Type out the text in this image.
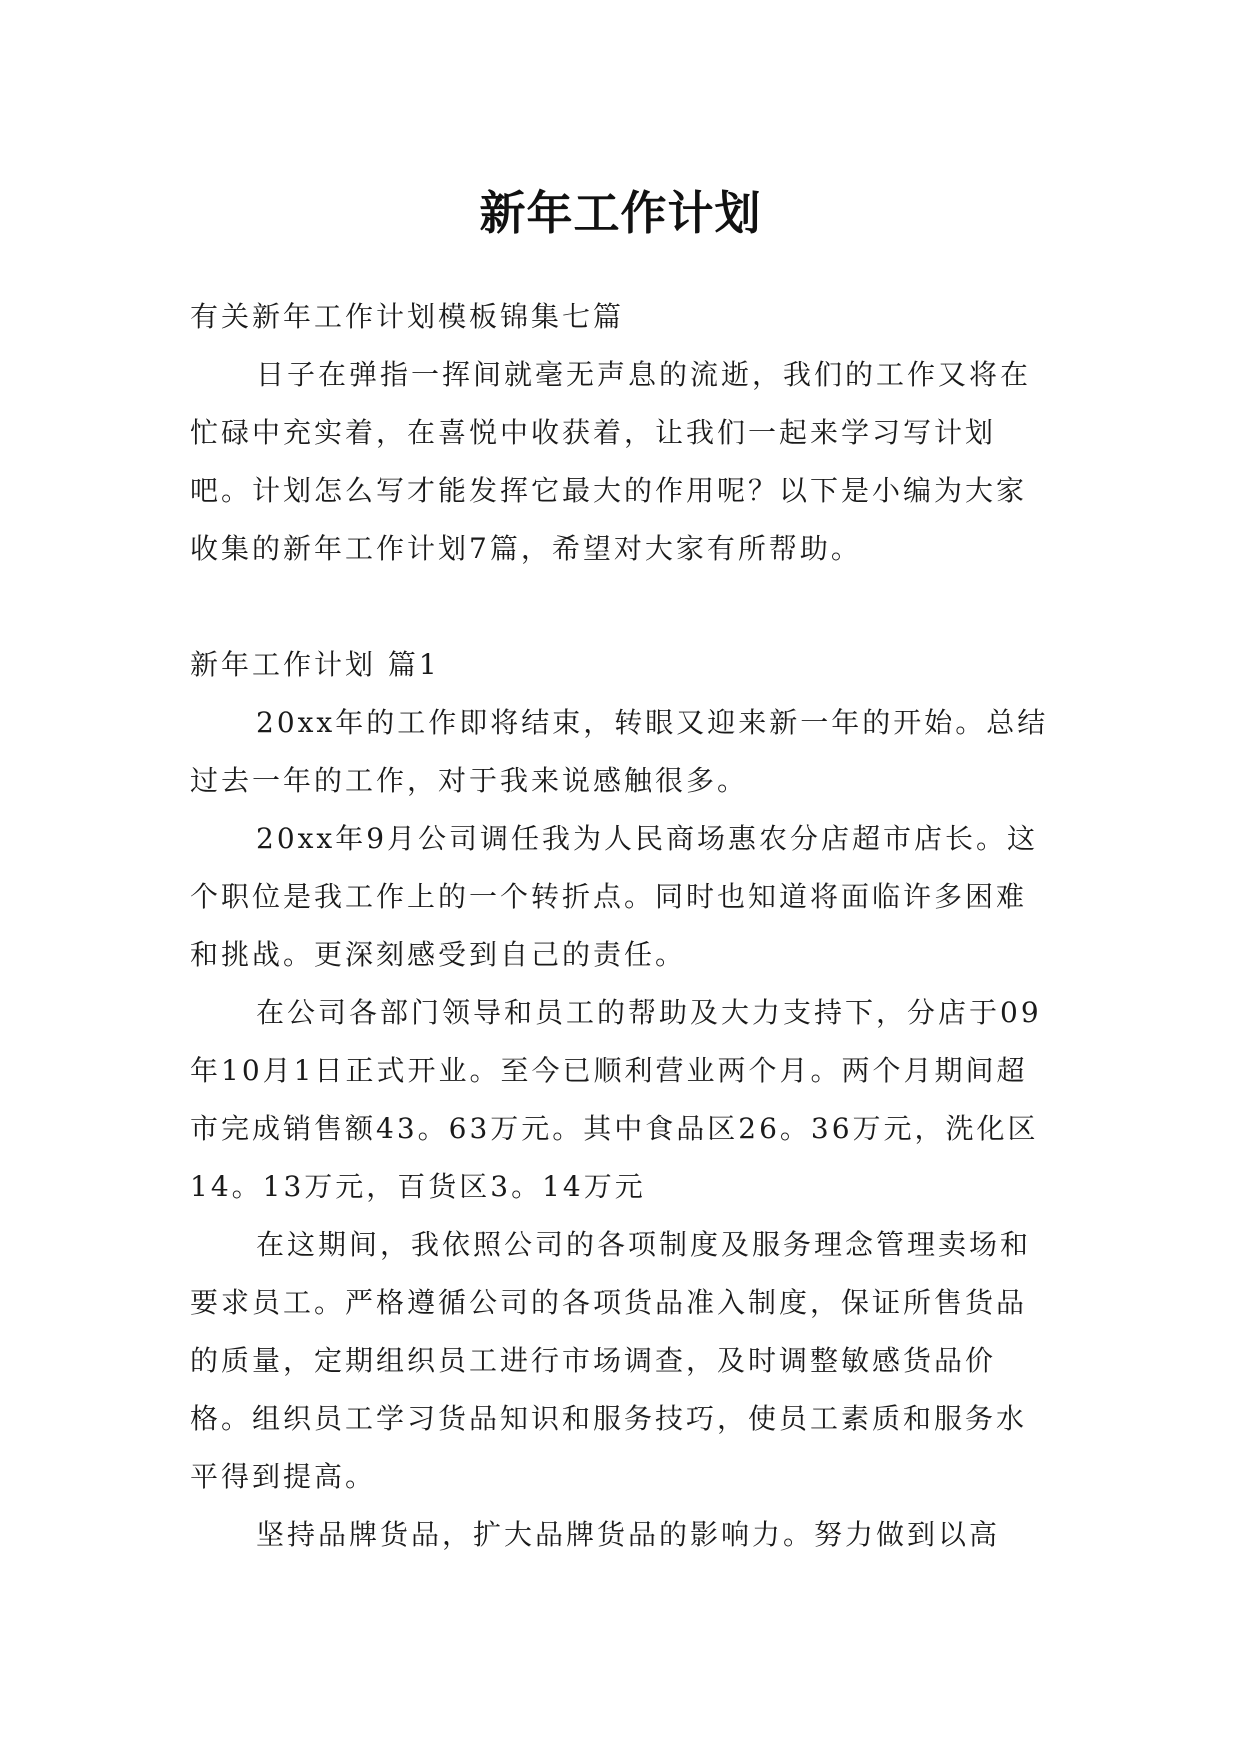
新年工作计划

有关新年工作计划模板锦集七篇

日子在弹指一挥间就毫无声息的流逝，我们的工作又将在忙碌中充实着，在喜悦中收获着，让我们一起来学习写计划吧。计划怎么写才能发挥它最大的作用呢？以下是小编为大家收集的新年工作计划7篇，希望对大家有所帮助。

新年工作计划 篇1

20xx年的工作即将结束，转眼又迎来新一年的开始。总结过去一年的工作，对于我来说感触很多。

20xx年9月公司调任我为人民商场惠农分店超市店长。这个职位是我工作上的一个转折点。同时也知道将面临许多困难和挑战。更深刻感受到自己的责任。

在公司各部门领导和员工的帮助及大力支持下，分店于09年10月1日正式开业。至今已顺利营业两个月。两个月期间超市完成销售额43。63万元。其中食品区26。36万元，洗化区14。13万元，百货区3。14万元

在这期间，我依照公司的各项制度及服务理念管理卖场和要求员工。严格遵循公司的各项货品准入制度，保证所售货品的质量，定期组织员工进行市场调查，及时调整敏感货品价格。组织员工学习货品知识和服务技巧，使员工素质和服务水平得到提高。

坚持品牌货品，扩大品牌货品的影响力。努力做到以高
